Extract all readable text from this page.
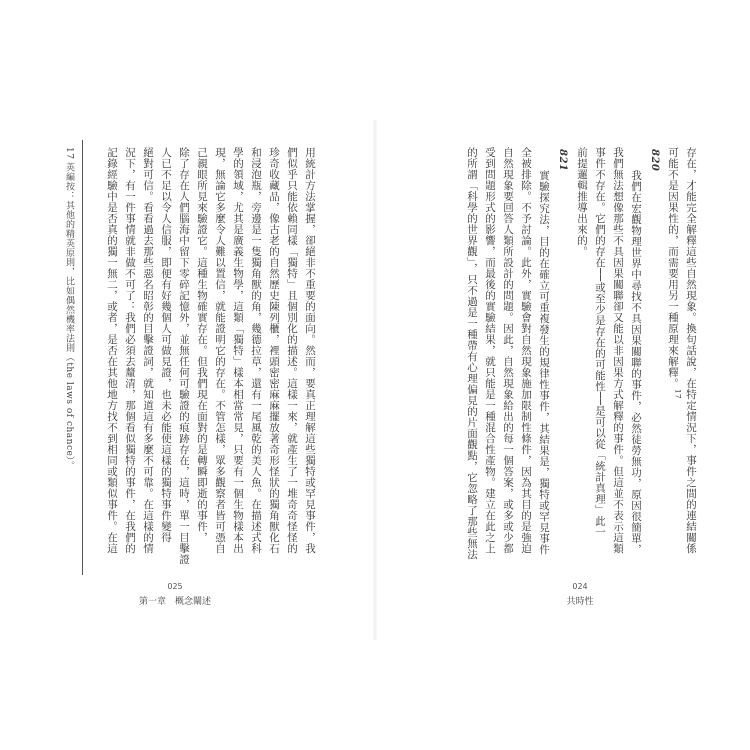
存在，才能完全解釋這些自然現象。換句話說，在特定情況下，事件之間的連結關係
可能不是因果性的，而需要用另一種原理來解釋。$^{17}$
820
我們在宏觀物理世界中尋找不具因果關聯的事件，必然徒勞無功，原因很簡單，
我們無法想像那些不具因果關聯卻又能以非因果方式解釋的事件。但這並不表示這類
事件不存在。它們的存在──或至少是存在的可能性──是可以從「統計真理」此一
前提邏輯推導出來的。
821
實驗探究法，目的在確立可重複發生的規律性事件，其結果是，獨特或罕見事件
全被排除。不予討論。此外，實驗會對自然現象施加限制性條件，因為其目的是強迫
自然現象要回答人類所設計的問題。因此，自然現象給出的每一個答案，或多或少都
受到問題形式的影響，而最後的實驗結果，就只能是一種混合性產物。建立在此之上
的所謂「科學的世界觀」，只不過是一種帶有心理偏見的片面觀點，它忽略了那些無法
024
共時性
用統計方法掌握，卻絕非不重要的面向。然而，要真正理解這些獨特或罕見事件，我
們似乎只能依賴同樣「獨特」且個別化的描述。這樣一來，就產生了一堆奇奇怪怪的
珍奇收藏品，像古老的自然歷史陳列櫃，裡頭密密麻麻擺放著奇形怪狀的獨角獸化石
和浸泡瓶，旁邊是一隻獨角獸的角，幾德拉草，還有一尾風乾的美人魚。在描述式科
學的領域，尤其是廣義生物學，這類「獨特」樣本相當常見，只要有一個生物樣本出
現，無論它多麼令人難以置信，就能證明它的存在。不管怎樣，眾多觀察者皆可憑自
己親眼所見來驗證它。這種生物確實存在。但我們現在面對的是轉瞬即逝的事件，
除了存在人們腦海中留下零碎記憶外，並無任何可驗證的痕跡存在，這時，單一目擊證
人已不足以令人信服，即便有好幾個人可做見證，也未必能使這樣的獨特事件變得
絕對可信。看看過去那些惡名昭彰的目擊證詞，就知道這有多麼不可靠。在這樣的情
況下，有一件事情就非做不可了：我們必須去釐清，那個看似獨特的事件，在我們的
記錄經驗中是否真的獨一無二，或者，是否在其他地方找不到相同或類似事件。在這
17 英編按：其他的精英原則，比如偶然機率法則（the laws of chance）。
025
第一章　概念闡述
